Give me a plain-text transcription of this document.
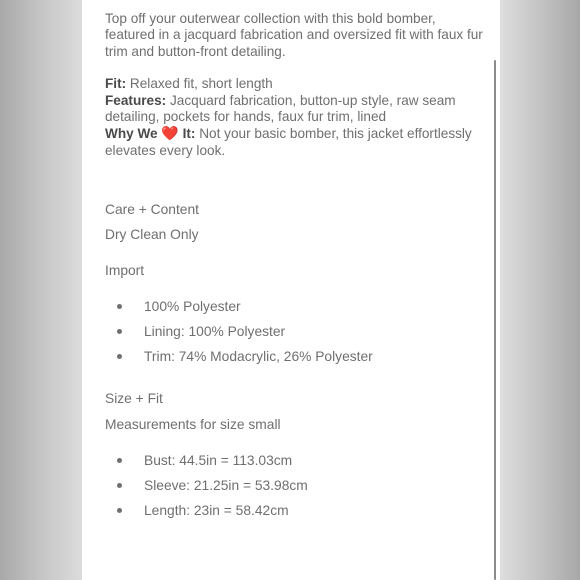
Top off your outerwear collection with this bold bomber, featured in a jacquard fabrication and oversized fit with faux fur trim and button-front detailing.

Fit: Relaxed fit, short length

Features: Jacquard fabrication, button-up style, raw seam detailing, pockets for hands, faux fur trim, lined

Why We ❤️ It: Not your basic bomber, this jacket effortlessly elevates every look.

Care + Content
Dry Clean Only
Import
100% Polyester
Lining: 100% Polyester
Trim: 74% Modacrylic, 26% Polyester
Size + Fit
Measurements for size small
Bust: 44.5in = 113.03cm
Sleeve: 21.25in = 53.98cm
Length: 23in = 58.42cm
